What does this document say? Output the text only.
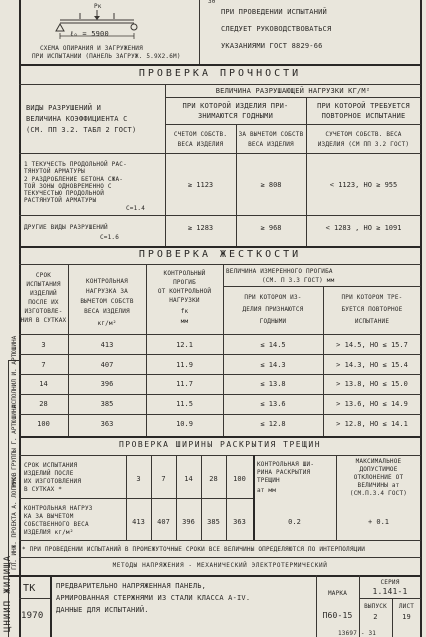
30
Рк
ℓₒ = 5900
СХЕМА ОПИРАНИЯ И ЗАГРУЖЕНИЯ
ПРИ ИСПЫТАНИИ (ПАНЕЛЬ ЗАГРУЖ. 5.9Х2.6М)
ПРИ ПРОВЕДЕНИИ ИСПЫТАНИЙ
СЛЕДУЕТ РУКОВОДСТВОВАТЬСЯ
УКАЗАНИЯМИ ГОСТ 8829-66
ПРОВЕРКА ПРОЧНОСТИ
ВИДЫ РАЗРУШЕНИЙ И
ВЕЛИЧИНА КОЭФФИЦИЕНТА C
(СМ. ПП 3.2. ТАБЛ 2 ГОСТ)
ВЕЛИЧИНА РАЗРУШАЮЩЕЙ НАГРУЗКИ КГ/М²
ПРИ КОТОРОЙ ИЗДЕЛИЯ ПРИ-
ЗНИМАЮТСЯ ГОДНЫМИ
ПРИ КОТОРОЙ ТРЕБУЕТСЯ
ПОВТОРНОЕ ИСПЫТАНИЕ
СЧЕТОМ СОБСТВ.
ВЕСА ИЗДЕЛИЯ
ЗА ВЫЧЕТОМ СОБСТВ
ВЕСА ИЗДЕЛИЯ
СУЧЕТОМ СОБСТВ. ВЕСА
ИЗДЕЛИЯ (СМ ПП 3.2 ГОСТ)
1 ТЕКУЧЕСТЬ ПРОДОЛЬНОЙ РАС-
ТЯНУТОЙ АРМАТУРЫ
2 РАЗДРОБЛЕНИЕ БЕТОНА СЖА-
ТОЙ ЗОНЫ ОДНОВРЕМЕННО С
ТЕКУЧЕСТЬЮ ПРОДОЛЬНОЙ
РАСТЯНУТОЙ АРМАТУРЫ
C=1.4
≥ 1123	≥ 808	< 1123, HO ≥ 955
ДРУГИЕ ВИДЫ РАЗРУШЕНИЙ
C=1.6
≥ 1283	≥ 968	< 1283 , HO ≥ 1091
ПРОВЕРКА ЖЕСТКОСТИ
СРОК
ИСПЫТАНИЯ
ИЗДЕЛИЙ
ПОСЛЕ ИХ
ИЗГОТОВЛЕ-
НИЯ В СУТКАХ
КОНТРОЛЬНАЯ
НАГРУЗКА ЗА
ВЫЧЕТОМ СОБСТВ
ВЕСА ИЗДЕЛИЯ
кг/м²
КОНТРОЛЬНЫЙ
ПРОГИБ
ОТ КОНТРОЛЬНОЙ
НАГРУЗКИ
fк
мм
ВЕЛИЧИНА ИЗМЕРЕННОГО ПРОГИБА
(СМ. П 3.3 ГОСТ) мм
ПРИ КОТОРОМ ИЗ-
ДЕЛИЯ ПРИЗНАЮТСЯ
ГОДНЫМИ
ПРИ КОТОРОМ ТРЕ-
БУЕТСЯ ПОВТОРНОЕ
ИСПЫТАНИЕ
3	413	12.1	≤ 14.5	> 14.5, HO ≤ 15.7
7	407	11.9	≤ 14.3	> 14.3, HO ≤ 15.4
14	396	11.7	≤ 13.8	> 13.8, HO ≤ 15.0
28	385	11.5	≤ 13.6	> 13.6, HO ≤ 14.9
100	363	10.9	≤ 12.8	> 12.8, HO ≤ 14.1
ПРОВЕРКА ШИРИНЫ РАСКРЫТИЯ ТРЕЩИН
СРОК ИСПЫТАНИЯ
ИЗДЕЛИЙ ПОСЛЕ
ИХ ИЗГОТОВЛЕНИЯ
В СУТКАХ *
КОНТРОЛЬНАЯ НАГРУЗ
КА ЗА ВЫЧЕТОМ
СОБСТВЕННОГО ВЕСА
ИЗДЕЛИЯ кг/м²
3	7	14	28	100
413	407	396	385	363
КОНТРОЛЬНАЯ ШИ-
РИНА РАСКРЫТИЯ
ТРЕЩИН
aт мм
МАКСИМАЛЬНОЕ
ДОПУСТИМОЕ
ОТКЛОНЕНИЕ ОТ
ВЕЛИЧИНЫ aт
(СМ.П.3.4 ГОСТ)
0.2	+ 0.1
* ПРИ ПРОВЕДЕНИИ ИСПЫТАНИЙ В ПРОМЕЖУТОЧНЫЕ СРОКИ ВСЕ ВЕЛИЧИНЫ ОПРЕДЕЛЯЮТСЯ ПО ИНТЕРПОЛЯЦИИ
МЕТОДЫ НАПРЯЖЕНИЯ - МЕХАНИЧЕСКИЙ ЭЛЕКТРОТЕРМИЧЕСКИЙ
ТК
1970
ПРЕДВАРИТЕЛЬНО НАПРЯЖЕННАЯ ПАНЕЛЬ,
АРМИРОВАННАЯ СТЕРЖНЯМИ ИЗ СТАЛИ КЛАССА А-IV.
ДАННЫЕ ДЛЯ ИСПЫТАНИЙ.
МАРКА
П60-15
СЕРИЯ
1.141-1
ВЫПУСК
2
ЛИСТ
19
13697 - 31
ЦНИИП ЖИЛИЩА
ГЛ. ИНЖ. ПРОЕКТА А. ЛОГИНОВ
РУК. ГРУППЫ Г. АРТЮШИНА
ИСПОЛНИЛ И. АРТЮШИНА
